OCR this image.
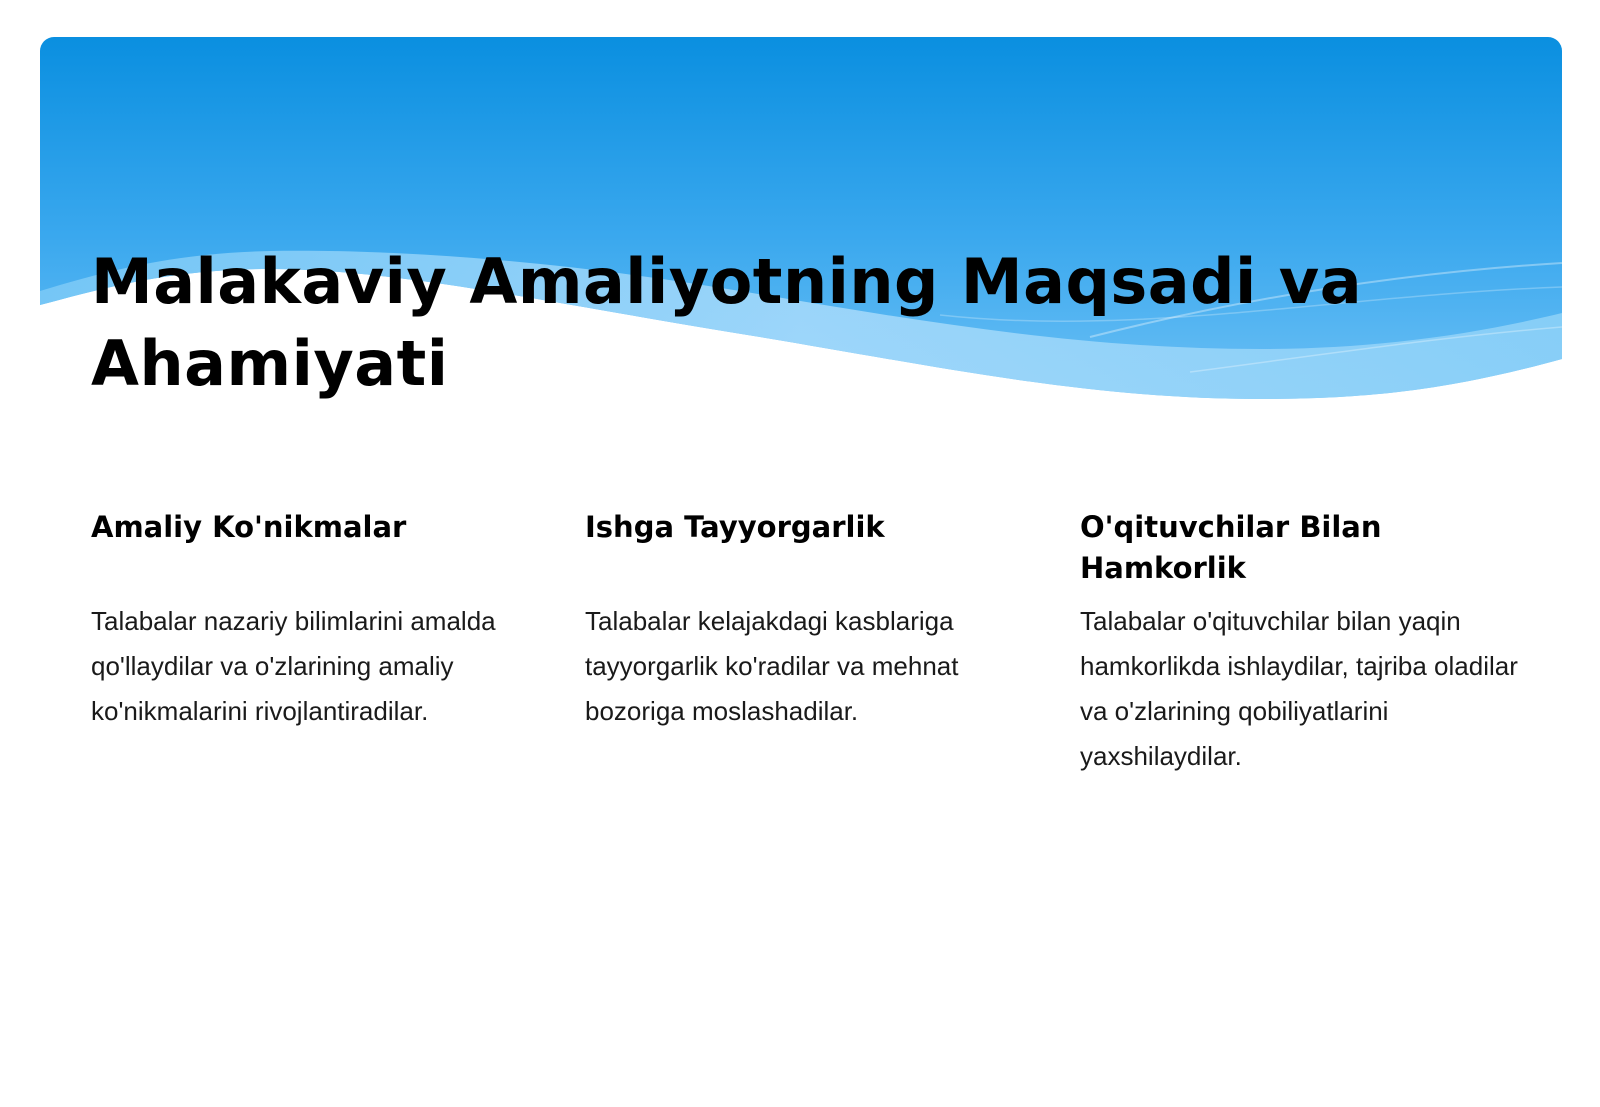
Malakaviy Amaliyotning Maqsadi va Ahamiyati
Amaliy Ko'nikmalar

Talabalar nazariy bilimlarini amalda qo'llaydilar va o'zlarining amaliy ko'nikmalarini rivojlantiradilar.

Ishga Tayyorgarlik

Talabalar kelajakdagi kasblariga tayyorgarlik ko'radilar va mehnat bozoriga moslashadilar.

O'qituvchilar Bilan Hamkorlik

Talabalar o'qituvchilar bilan yaqin hamkorlikda ishlaydilar, tajriba oladilar va o'zlarining qobiliyatlarini yaxshilaydilar.
